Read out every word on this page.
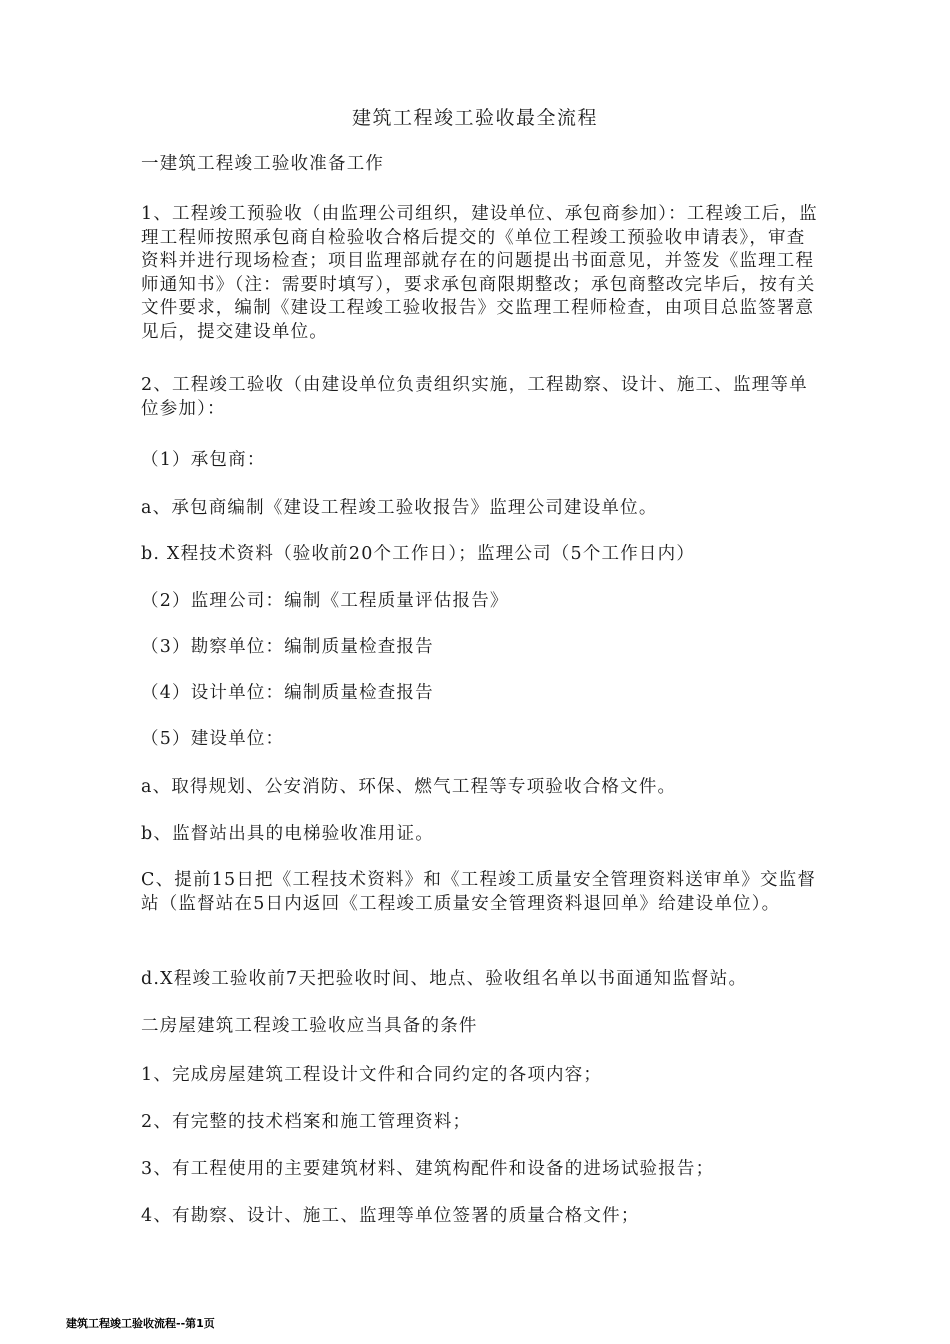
建筑工程竣工验收最全流程

一建筑工程竣工验收准备工作

1、工程竣工预验收（由监理公司组织，建设单位、承包商参加）：工程竣工后，监理工程师按照承包商自检验收合格后提交的《单位工程竣工预验收申请表》，审查资料并进行现场检查；项目监理部就存在的问题提出书面意见，并签发《监理工程师通知书》（注：需要时填写），要求承包商限期整改；承包商整改完毕后，按有关文件要求，编制《建设工程竣工验收报告》交监理工程师检查，由项目总监签署意见后，提交建设单位。

2、工程竣工验收（由建设单位负责组织实施，工程勘察、设计、施工、监理等单位参加）：

（1）承包商：

a、承包商编制《建设工程竣工验收报告》监理公司建设单位。

b. X程技术资料（验收前20个工作日）；监理公司（5个工作日内）

（2）监理公司：编制《工程质量评估报告》

（3）勘察单位：编制质量检查报告

（4）设计单位：编制质量检查报告

（5）建设单位：

a、取得规划、公安消防、环保、燃气工程等专项验收合格文件。

b、监督站出具的电梯验收准用证。

C、提前15日把《工程技术资料》和《工程竣工质量安全管理资料送审单》交监督站（监督站在5日内返回《工程竣工质量安全管理资料退回单》给建设单位）。

d.X程竣工验收前7天把验收时间、地点、验收组名单以书面通知监督站。

二房屋建筑工程竣工验收应当具备的条件

1、完成房屋建筑工程设计文件和合同约定的各项内容；

2、有完整的技术档案和施工管理资料；

3、有工程使用的主要建筑材料、建筑构配件和设备的进场试验报告；

4、有勘察、设计、施工、监理等单位签署的质量合格文件；

建筑工程竣工验收流程--第1页
